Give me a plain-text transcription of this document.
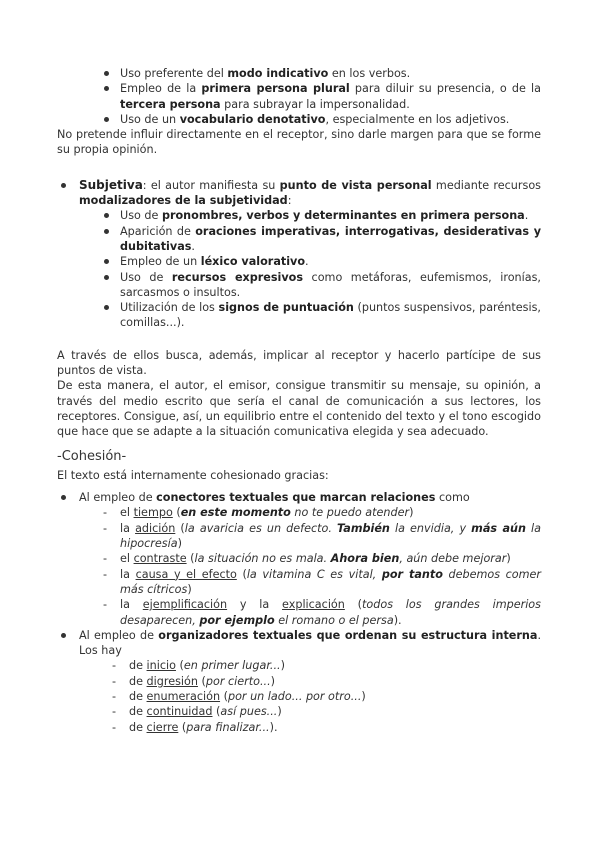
Uso preferente del modo indicativo en los verbos.
Empleo de la primera persona plural para diluir su presencia, o de la tercera persona para subrayar la impersonalidad.
Uso de un vocabulario denotativo, especialmente en los adjetivos.
No pretende influir directamente en el receptor, sino darle margen para que se forme su propia opinión.
Subjetiva: el autor manifiesta su punto de vista personal mediante recursos modalizadores de la subjetividad:
Uso de pronombres, verbos y determinantes en primera persona.
Aparición de oraciones imperativas, interrogativas, desiderativas y dubitativas.
Empleo de un léxico valorativo.
Uso de recursos expresivos como metáforas, eufemismos, ironías, sarcasmos o insultos.
Utilización de los signos de puntuación (puntos suspensivos, paréntesis, comillas...).
A través de ellos busca, además, implicar al receptor y hacerlo partícipe de sus puntos de vista.
De esta manera, el autor, el emisor, consigue transmitir su mensaje, su opinión, a través del medio escrito que sería el canal de comunicación a sus lectores, los receptores. Consigue, así, un equilibrio entre el contenido del texto y el tono escogido que hace que se adapte a la situación comunicativa elegida y sea adecuado.
-Cohesión-
El texto está internamente cohesionado gracias:
Al empleo de conectores textuales que marcan relaciones como
- el tiempo (en este momento no te puedo atender)
- la adición (la avaricia es un defecto. También la envidia, y más aún la hipocresía)
- el contraste (la situación no es mala. Ahora bien, aún debe mejorar)
- la causa y el efecto (la vitamina C es vital, por tanto debemos comer más cítricos)
- la ejemplificación y la explicación (todos los grandes imperios desaparecen, por ejemplo el romano o el persa).
Al empleo de organizadores textuales que ordenan su estructura interna. Los hay
- de inicio (en primer lugar...)
- de digresión (por cierto...)
- de enumeración (por un lado... por otro...)
- de continuidad (así pues...)
- de cierre (para finalizar...).
